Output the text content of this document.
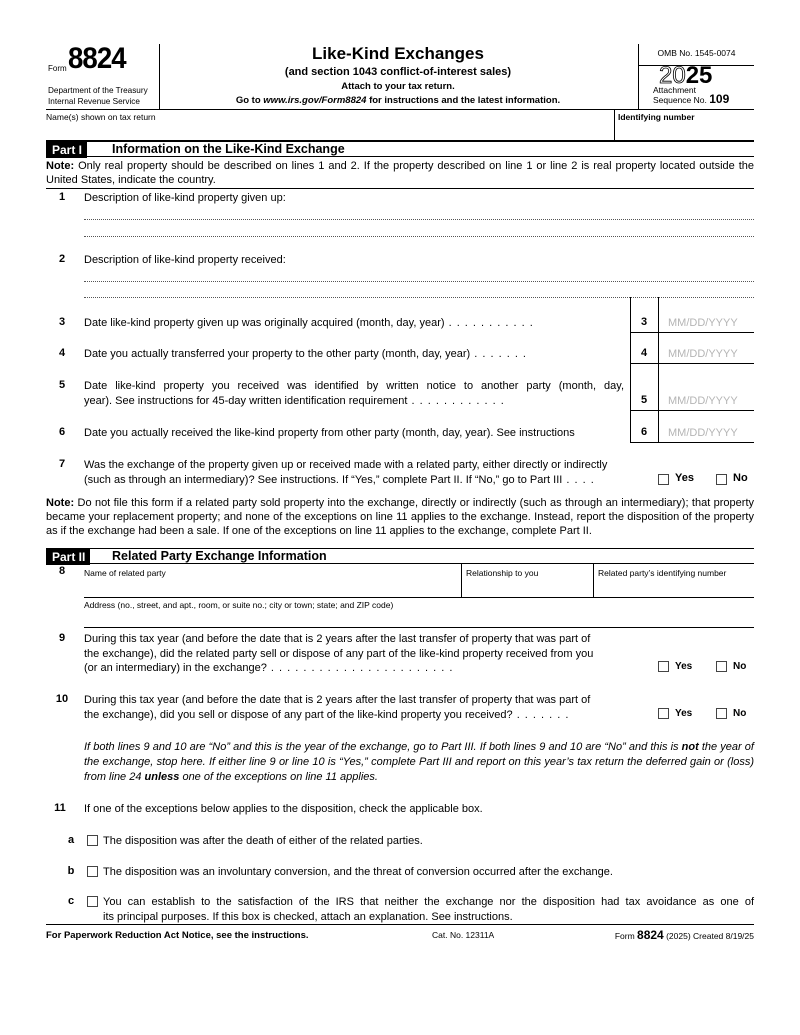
Form 8824
Department of the Treasury
Internal Revenue Service
Like-Kind Exchanges
(and section 1043 conflict-of-interest sales)
Attach to your tax return.
Go to www.irs.gov/Form8824 for instructions and the latest information.
OMB No. 1545-0074
2025
Attachment
Sequence No. 109
Name(s) shown on tax return	Identifying number
Part I	Information on the Like-Kind Exchange
Note: Only real property should be described on lines 1 and 2. If the property described on line 1 or line 2 is real property located outside the United States, indicate the country.
1	Description of like-kind property given up:
2	Description of like-kind property received:
3	Date like-kind property given up was originally acquired (month, day, year) . . . . . . . . . . .	3
MM/DD/YYYY
4	Date you actually transferred your property to the other party (month, day, year) . . . . . . .	4
MM/DD/YYYY
5	Date like-kind property you received was identified by written notice to another party (month, day,
year). See instructions for 45-day written identification requirement . . . . . . . . . . . .	5
MM/DD/YYYY
6	Date you actually received the like-kind property from other party (month, day, year). See instructions	6
MM/DD/YYYY
7	Was the exchange of the property given up or received made with a related party, either directly or indirectly
(such as through an intermediary)? See instructions. If “Yes,” complete Part II. If “No,” go to Part III . . . .	Yes	No
Note: Do not file this form if a related party sold property into the exchange, directly or indirectly (such as through an intermediary); that property became your replacement property; and none of the exceptions on line 11 applies to the exchange. Instead, report the disposition of the property as if the exchange had been a sale. If one of the exceptions on line 11 applies to the exchange, complete Part II.
Part II	Related Party Exchange Information
8	Name of related party	Relationship to you	Related party’s identifying number
Address (no., street, and apt., room, or suite no.; city or town; state; and ZIP code)
9	During this tax year (and before the date that is 2 years after the last transfer of property that was part of
the exchange), did the related party sell or dispose of any part of the like-kind property received from you
(or an intermediary) in the exchange? . . . . . . . . . . . . . . . . . . . . . . .	Yes	No
10	During this tax year (and before the date that is 2 years after the last transfer of property that was part of
the exchange), did you sell or dispose of any part of the like-kind property you received? . . . . . . .	Yes	No
If both lines 9 and 10 are “No” and this is the year of the exchange, go to Part III. If both lines 9 and 10 are “No” and this is not the year of the exchange, stop here. If either line 9 or line 10 is “Yes,” complete Part III and report on this year’s tax return the deferred gain or (loss) from line 24 unless one of the exceptions on line 11 applies.
11	If one of the exceptions below applies to the disposition, check the applicable box.
a	The disposition was after the death of either of the related parties.
b	The disposition was an involuntary conversion, and the threat of conversion occurred after the exchange.
c	You can establish to the satisfaction of the IRS that neither the exchange nor the disposition had tax avoidance as one of
its principal purposes. If this box is checked, attach an explanation. See instructions.
For Paperwork Reduction Act Notice, see the instructions.	Cat. No. 12311A	Form 8824 (2025) Created 8/19/25
